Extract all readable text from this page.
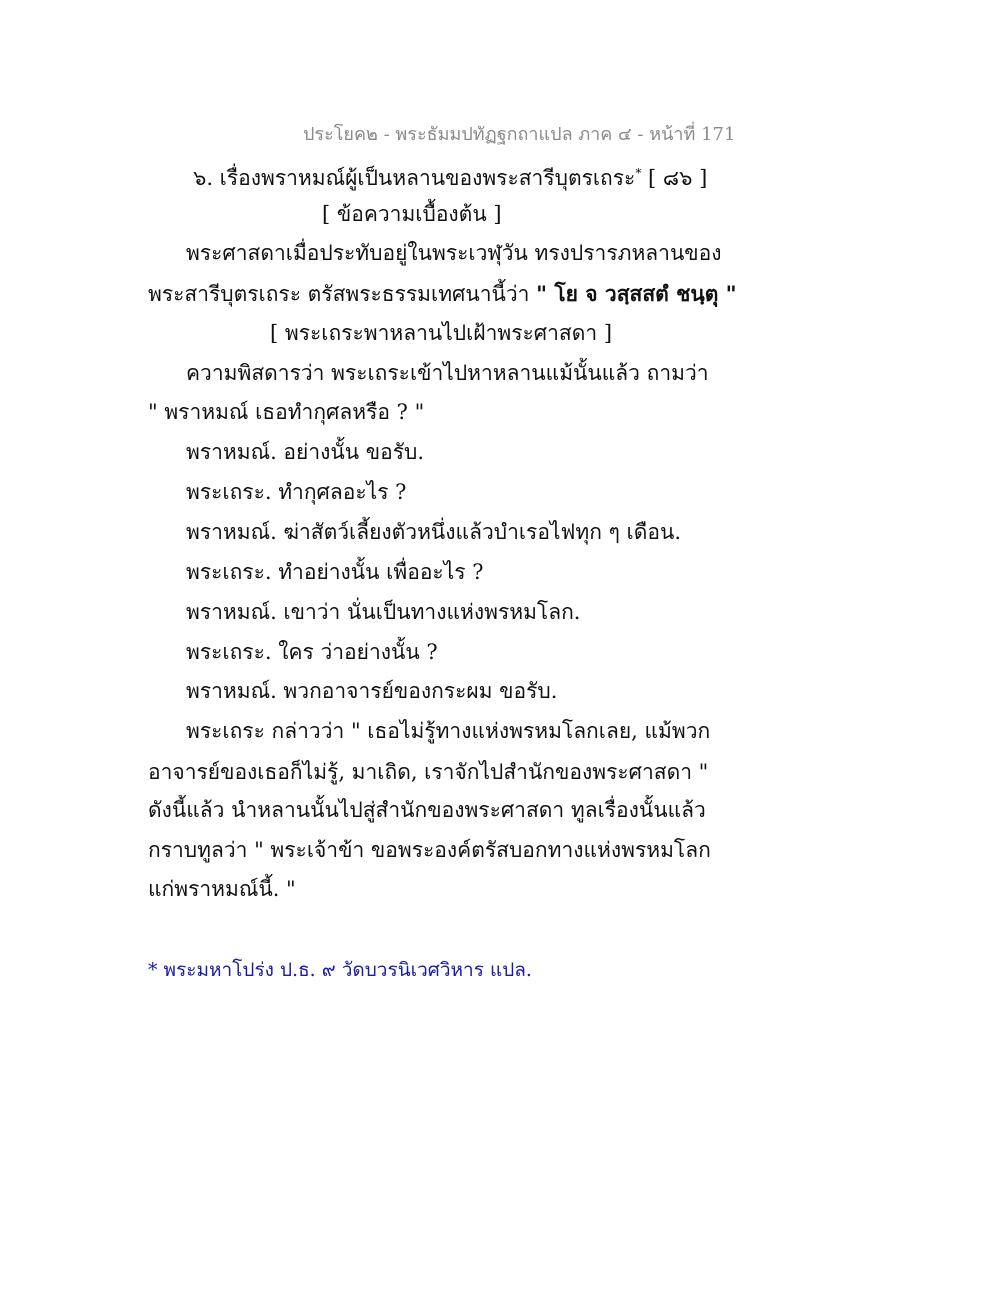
ประโยค๒ - พระธัมมปทัฏฐกถาแปล ภาค ๔ - หน้าที่ 171
๖. เรื่องพราหมณ์ผู้เป็นหลานของพระสารีบุตรเถระ* [ ๘๖ ]
[ ข้อความเบื้องต้น ]
พระศาสดาเมื่อประทับอยู่ในพระเวฬุวัน ทรงปรารภหลานของ
พระสารีบุตรเถระ ตรัสพระธรรมเทศนานี้ว่า " โย จ วสฺสสตํ ชนฺตุ "
[ พระเถระพาหลานไปเฝ้าพระศาสดา ]
ความพิสดารว่า พระเถระเข้าไปหาหลานแม้นั้นแล้ว ถามว่า
" พราหมณ์ เธอทำกุศลหรือ ? "
พราหมณ์. อย่างนั้น ขอรับ.
พระเถระ. ทำกุศลอะไร ?
พราหมณ์. ฆ่าสัตว์เลี้ยงตัวหนึ่งแล้วบำเรอไฟทุก ๆ เดือน.
พระเถระ. ทำอย่างนั้น เพื่ออะไร ?
พราหมณ์. เขาว่า นั่นเป็นทางแห่งพรหมโลก.
พระเถระ. ใคร ว่าอย่างนั้น ?
พราหมณ์. พวกอาจารย์ของกระผม ขอรับ.
พระเถระ กล่าวว่า " เธอไม่รู้ทางแห่งพรหมโลกเลย, แม้พวก
อาจารย์ของเธอก็ไม่รู้, มาเถิด, เราจักไปสำนักของพระศาสดา "
ดังนี้แล้ว นำหลานนั้นไปสู่สำนักของพระศาสดา ทูลเรื่องนั้นแล้ว
กราบทูลว่า " พระเจ้าข้า ขอพระองค์ตรัสบอกทางแห่งพรหมโลก
แก่พราหมณ์นี้. "
* พระมหาโปร่ง ป.ธ. ๙ วัดบวรนิเวศวิหาร แปล.
